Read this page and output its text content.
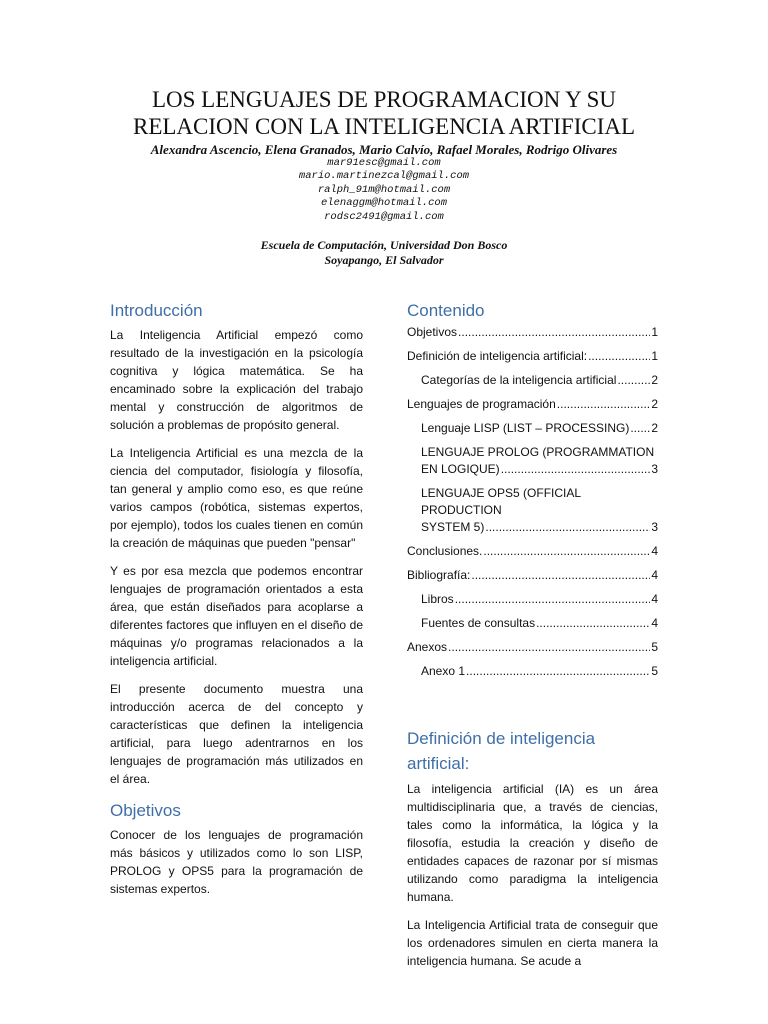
LOS LENGUAJES DE PROGRAMACION Y SU
RELACION CON LA INTELIGENCIA ARTIFICIAL
Alexandra Ascencio, Elena Granados, Mario Calvío, Rafael Morales, Rodrigo Olivares
mar91esc@gmail.com
mario.martinezcal@gmail.com
ralph_91m@hotmail.com
elenaggm@hotmail.com
rodsc2491@gmail.com
Escuela de Computación, Universidad Don Bosco
Soyapango, El Salvador
Introducción

La Inteligencia Artificial empezó como resultado de la investigación en la psicología cognitiva y lógica matemática. Se ha encaminado sobre la explicación del trabajo mental y construcción de algoritmos de solución a problemas de propósito general.

La Inteligencia Artificial es una mezcla de la ciencia del computador, fisiología y filosofía, tan general y amplio como eso, es que reúne varios campos (robótica, sistemas expertos, por ejemplo), todos los cuales tienen en común la creación de máquinas que pueden "pensar"

Y es por esa mezcla que podemos encontrar lenguajes de programación orientados a esta área, que están diseñados para acoplarse a diferentes factores que influyen en el diseño de máquinas y/o programas relacionados a la inteligencia artificial.

El presente documento muestra una introducción acerca de del concepto y características que definen la inteligencia artificial, para luego adentrarnos en los lenguajes de programación más utilizados en el área.

Objetivos

Conocer de los lenguajes de programación más básicos y utilizados como lo son LISP, PROLOG y OPS5 para la programación de sistemas expertos.

Contenido
Objetivos .....	1
Definición de inteligencia artificial: .....	1
Categorías de la inteligencia artificial .....	2
Lenguajes de programación .....	2
Lenguaje LISP (LIST – PROCESSING) ..... 2
LENGUAJE PROLOG (PROGRAMMATION
EN LOGIQUE) .....	3
LENGUAJE OPS5 (OFFICIAL PRODUCTION
SYSTEM 5) .....	3
Conclusiones. .....	4
Bibliografía: .....	4
Libros .....	4
Fuentes de consultas .....	4
Anexos .....	5
Anexo 1 .....	5
Definición de inteligencia
artificial:

La inteligencia artificial (IA) es un área multidisciplinaria que, a través de ciencias, tales como la informática, la lógica y la filosofía, estudia la creación y diseño de entidades capaces de razonar por sí mismas utilizando como paradigma la inteligencia humana.

La Inteligencia Artificial trata de conseguir que los ordenadores simulen en cierta manera la inteligencia humana. Se acude a
